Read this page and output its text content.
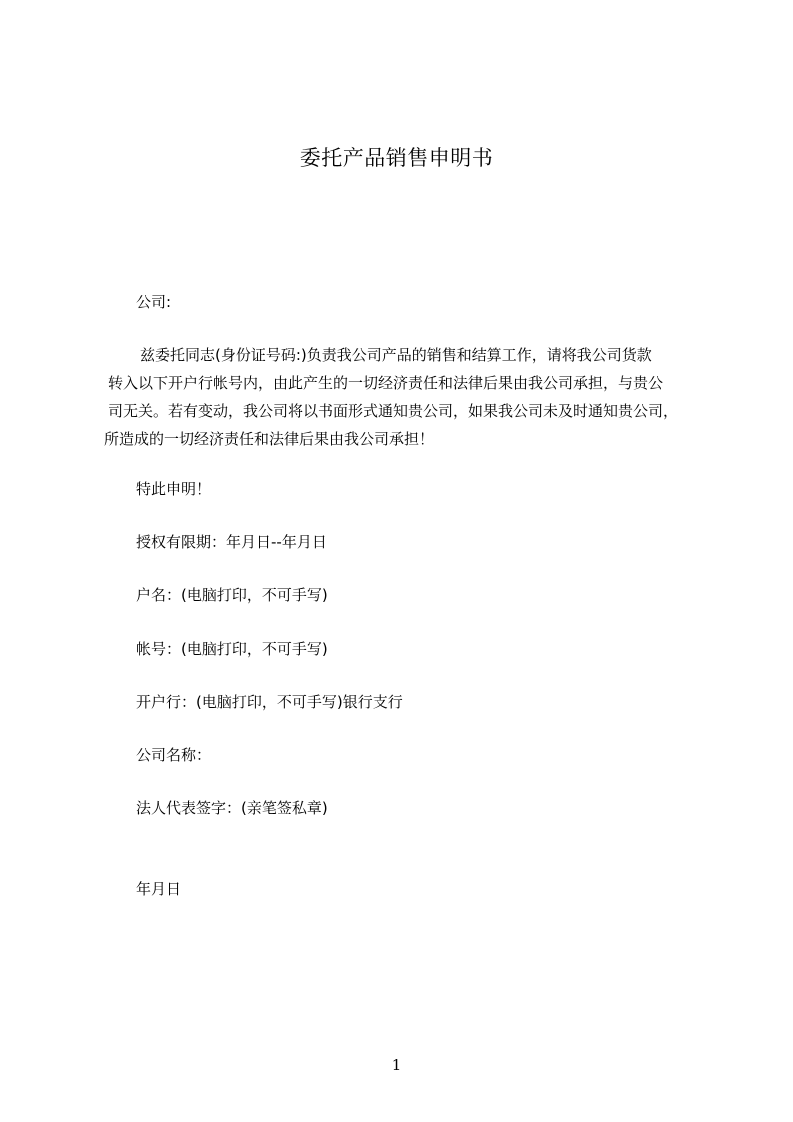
委托产品销售申明书
公司:
兹委托同志(身份证号码:)负责我公司产品的销售和结算工作，请将我公司货款
转入以下开户行帐号内，由此产生的一切经济责任和法律后果由我公司承担，与贵公
司无关。若有变动，我公司将以书面形式通知贵公司，如果我公司未及时通知贵公司，
所造成的一切经济责任和法律后果由我公司承担！
特此申明！
授权有限期：年月日--年月日
户名：(电脑打印，不可手写)
帐号：(电脑打印，不可手写)
开户行：(电脑打印，不可手写)银行支行
公司名称：
法人代表签字：(亲笔签私章)
年月日
1
